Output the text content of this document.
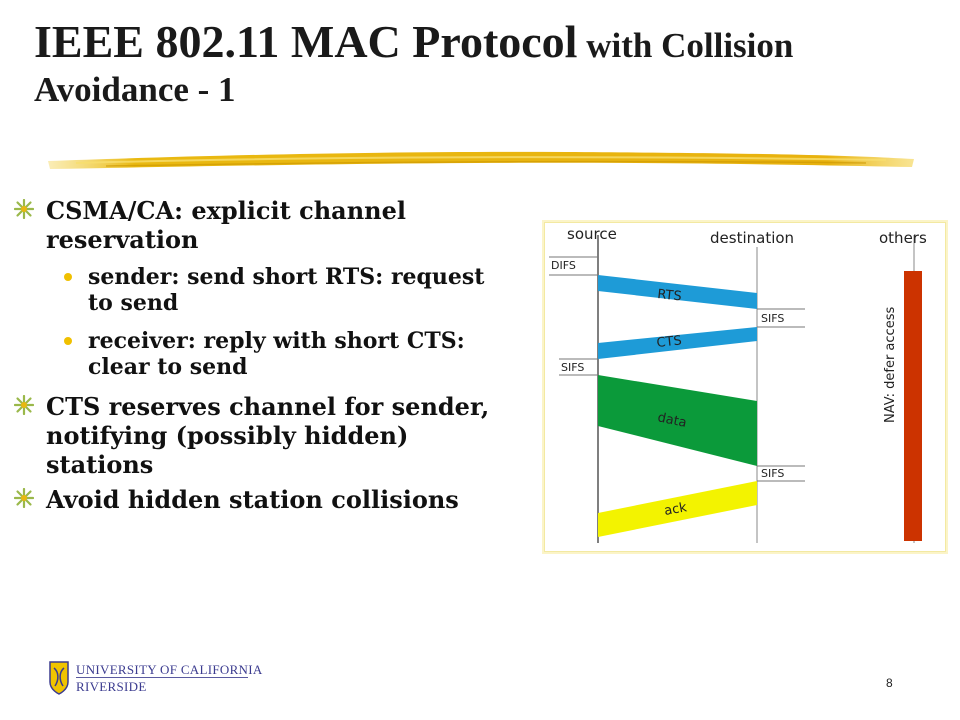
IEEE 802.11 MAC Protocol with Collision
Avoidance - 1
CSMA/CA: explicit channel reservation
sender: send short RTS: request to send
receiver: reply with short CTS: clear to send
CTS reserves channel for sender, notifying (possibly hidden) stations
Avoid hidden station collisions
source	destination	others
DIFS
RTS
SIFS
CTS
SIFS
data
SIFS
ack
NAV: defer access
UNIVERSITY OF CALIFORNIA
RIVERSIDE	8
